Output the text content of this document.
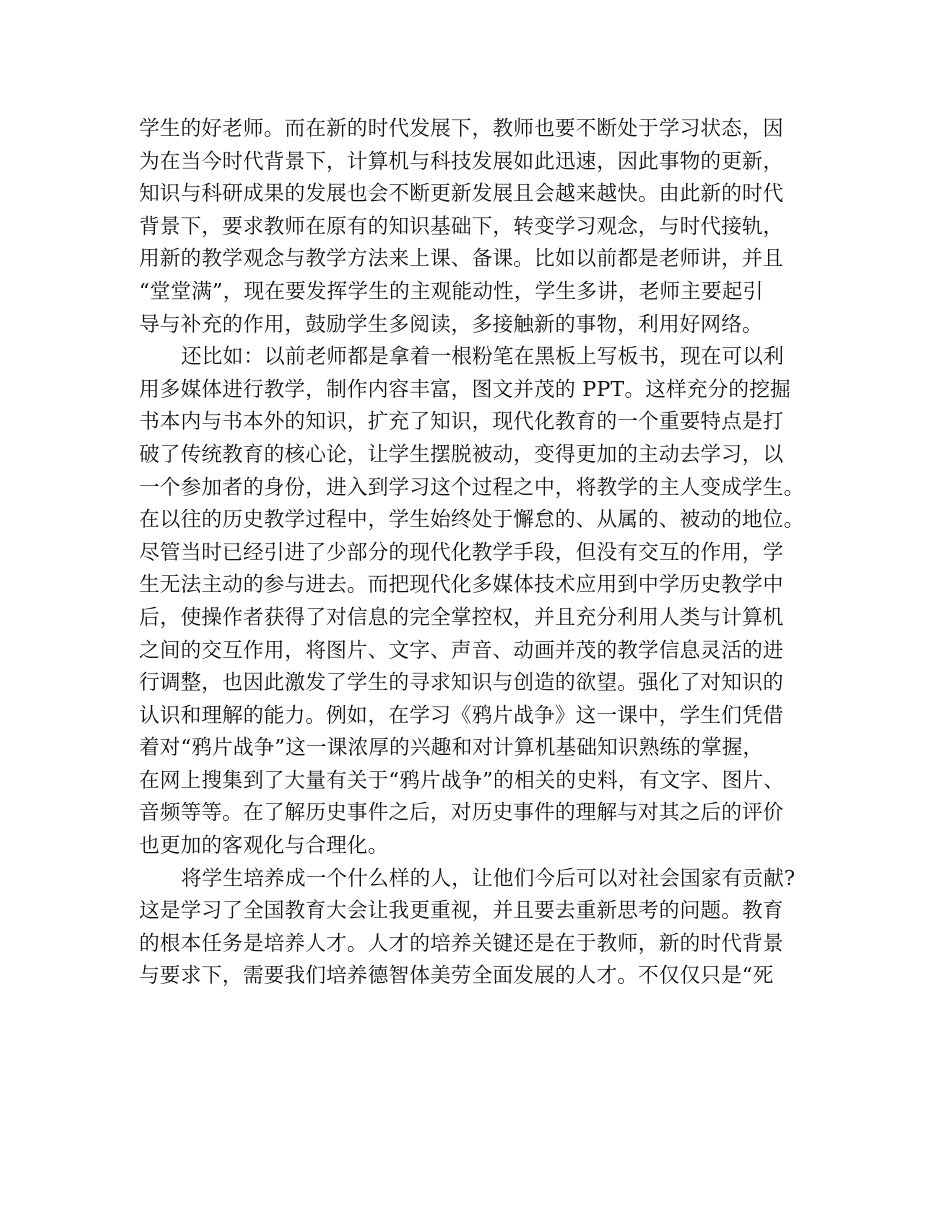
学生的好老师。而在新的时代发展下，教师也要不断处于学习状态，因
为在当今时代背景下，计算机与科技发展如此迅速，因此事物的更新，
知识与科研成果的发展也会不断更新发展且会越来越快。由此新的时代
背景下，要求教师在原有的知识基础下，转变学习观念，与时代接轨，
用新的教学观念与教学方法来上课、备课。比如以前都是老师讲，并且
“堂堂满”，现在要发挥学生的主观能动性，学生多讲，老师主要起引
导与补充的作用，鼓励学生多阅读，多接触新的事物，利用好网络。
还比如：以前老师都是拿着一根粉笔在黑板上写板书，现在可以利
用多媒体进行教学，制作内容丰富，图文并茂的 PPT。这样充分的挖掘
书本内与书本外的知识，扩充了知识，现代化教育的一个重要特点是打
破了传统教育的核心论，让学生摆脱被动，变得更加的主动去学习，以
一个参加者的身份，进入到学习这个过程之中，将教学的主人变成学生。
在以往的历史教学过程中，学生始终处于懈怠的、从属的、被动的地位。
尽管当时已经引进了少部分的现代化教学手段，但没有交互的作用，学
生无法主动的参与进去。而把现代化多媒体技术应用到中学历史教学中
后，使操作者获得了对信息的完全掌控权，并且充分利用人类与计算机
之间的交互作用，将图片、文字、声音、动画并茂的教学信息灵活的进
行调整，也因此激发了学生的寻求知识与创造的欲望。强化了对知识的
认识和理解的能力。例如，在学习《鸦片战争》这一课中，学生们凭借
着对“鸦片战争”这一课浓厚的兴趣和对计算机基础知识熟练的掌握，
在网上搜集到了大量有关于“鸦片战争”的相关的史料，有文字、图片、
音频等等。在了解历史事件之后，对历史事件的理解与对其之后的评价
也更加的客观化与合理化。
将学生培养成一个什么样的人，让他们今后可以对社会国家有贡献?
这是学习了全国教育大会让我更重视，并且要去重新思考的问题。教育
的根本任务是培养人才。人才的培养关键还是在于教师，新的时代背景
与要求下，需要我们培养德智体美劳全面发展的人才。不仅仅只是“死
